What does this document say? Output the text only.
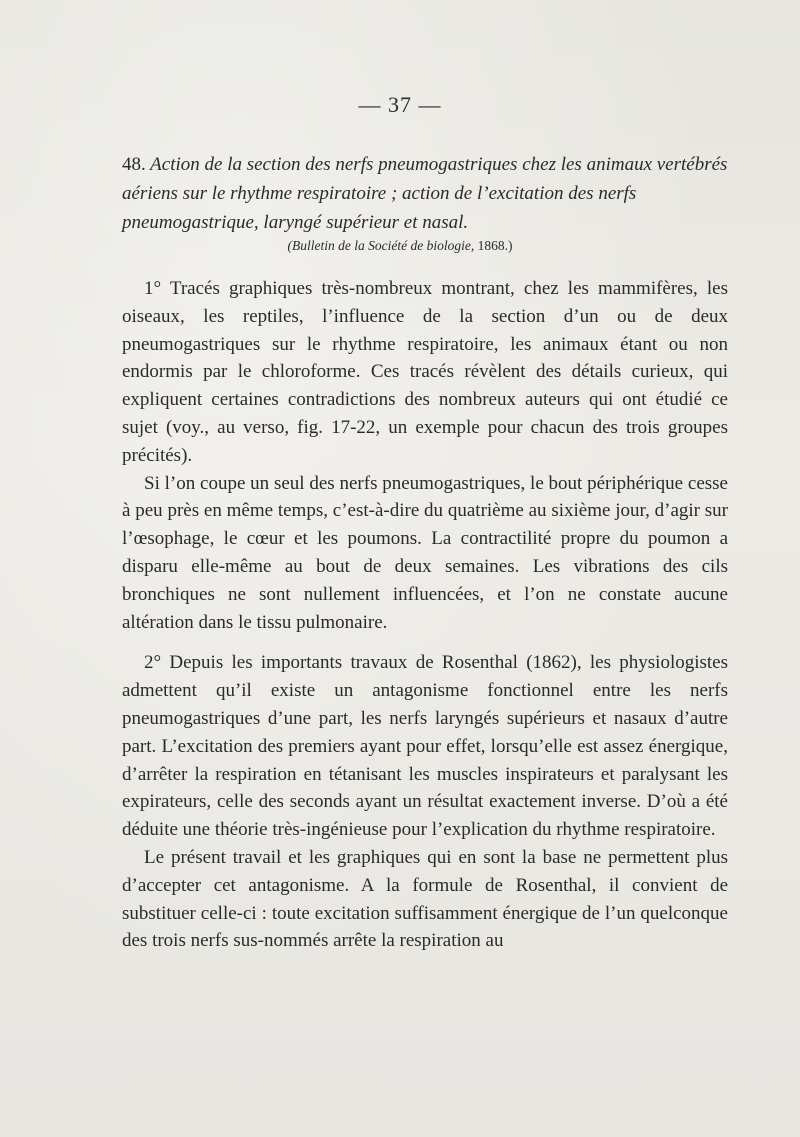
— 37 —
48. Action de la section des nerfs pneumogastriques chez les animaux vertébrés aériens sur le rhythme respiratoire ; action de l’excitation des nerfs pneumogastrique, laryngé supérieur et nasal.
(Bulletin de la Société de biologie, 1868.)

1° Tracés graphiques très-nombreux montrant, chez les mammifères, les oiseaux, les reptiles, l’influence de la section d’un ou de deux pneumogastriques sur le rhythme respiratoire, les animaux étant ou non endormis par le chloroforme. Ces tracés révèlent des détails curieux, qui expliquent certaines contradictions des nombreux auteurs qui ont étudié ce sujet (voy., au verso, fig. 17-22, un exemple pour chacun des trois groupes précités).

Si l’on coupe un seul des nerfs pneumogastriques, le bout périphérique cesse à peu près en même temps, c’est-à-dire du quatrième au sixième jour, d’agir sur l’œsophage, le cœur et les poumons. La contractilité propre du poumon a disparu elle-même au bout de deux semaines. Les vibrations des cils bronchiques ne sont nullement influencées, et l’on ne constate aucune altération dans le tissu pulmonaire.

2° Depuis les importants travaux de Rosenthal (1862), les physiologistes admettent qu’il existe un antagonisme fonctionnel entre les nerfs pneumogastriques d’une part, les nerfs laryngés supérieurs et nasaux d’autre part. L’excitation des premiers ayant pour effet, lorsqu’elle est assez énergique, d’arrêter la respiration en tétanisant les muscles inspirateurs et paralysant les expirateurs, celle des seconds ayant un résultat exactement inverse. D’où a été déduite une théorie très-ingénieuse pour l’explication du rhythme respiratoire.

Le présent travail et les graphiques qui en sont la base ne permettent plus d’accepter cet antagonisme. A la formule de Rosenthal, il convient de substituer celle-ci : toute excitation suffisamment énergique de l’un quelconque des trois nerfs sus-nommés arrête la respiration au
